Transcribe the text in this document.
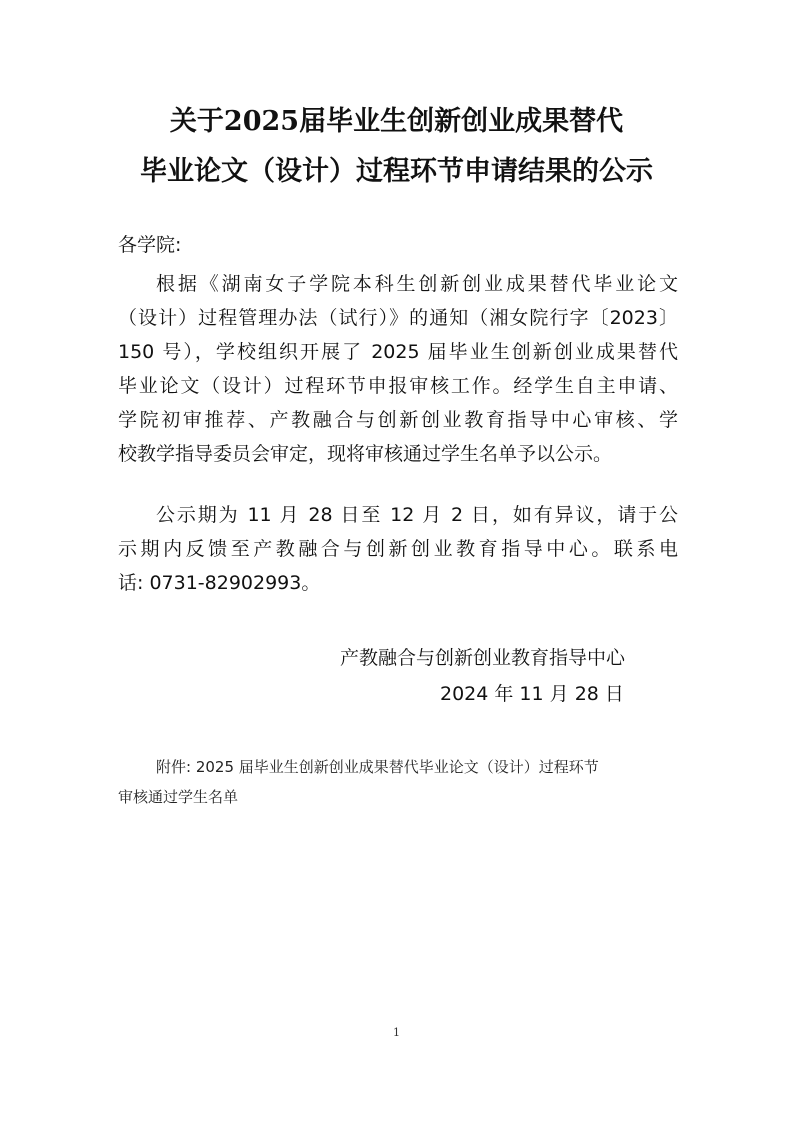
关于2025届毕业生创新创业成果替代
毕业论文（设计）过程环节申请结果的公示
各学院:
根据《湖南女子学院本科生创新创业成果替代毕业论文
（设计）过程管理办法（试行）》的通知（湘女院行字〔2023〕
150 号），学校组织开展了 2025 届毕业生创新创业成果替代
毕业论文（设计）过程环节申报审核工作。经学生自主申请、
学院初审推荐、产教融合与创新创业教育指导中心审核、学
校教学指导委员会审定，现将审核通过学生名单予以公示。
公示期为 11 月 28 日至 12 月 2 日，如有异议，请于公
示期内反馈至产教融合与创新创业教育指导中心。联系电
话: 0731-82902993。
产教融合与创新创业教育指导中心
2024 年 11 月 28 日
附件: 2025 届毕业生创新创业成果替代毕业论文（设计）过程环节
审核通过学生名单
1
